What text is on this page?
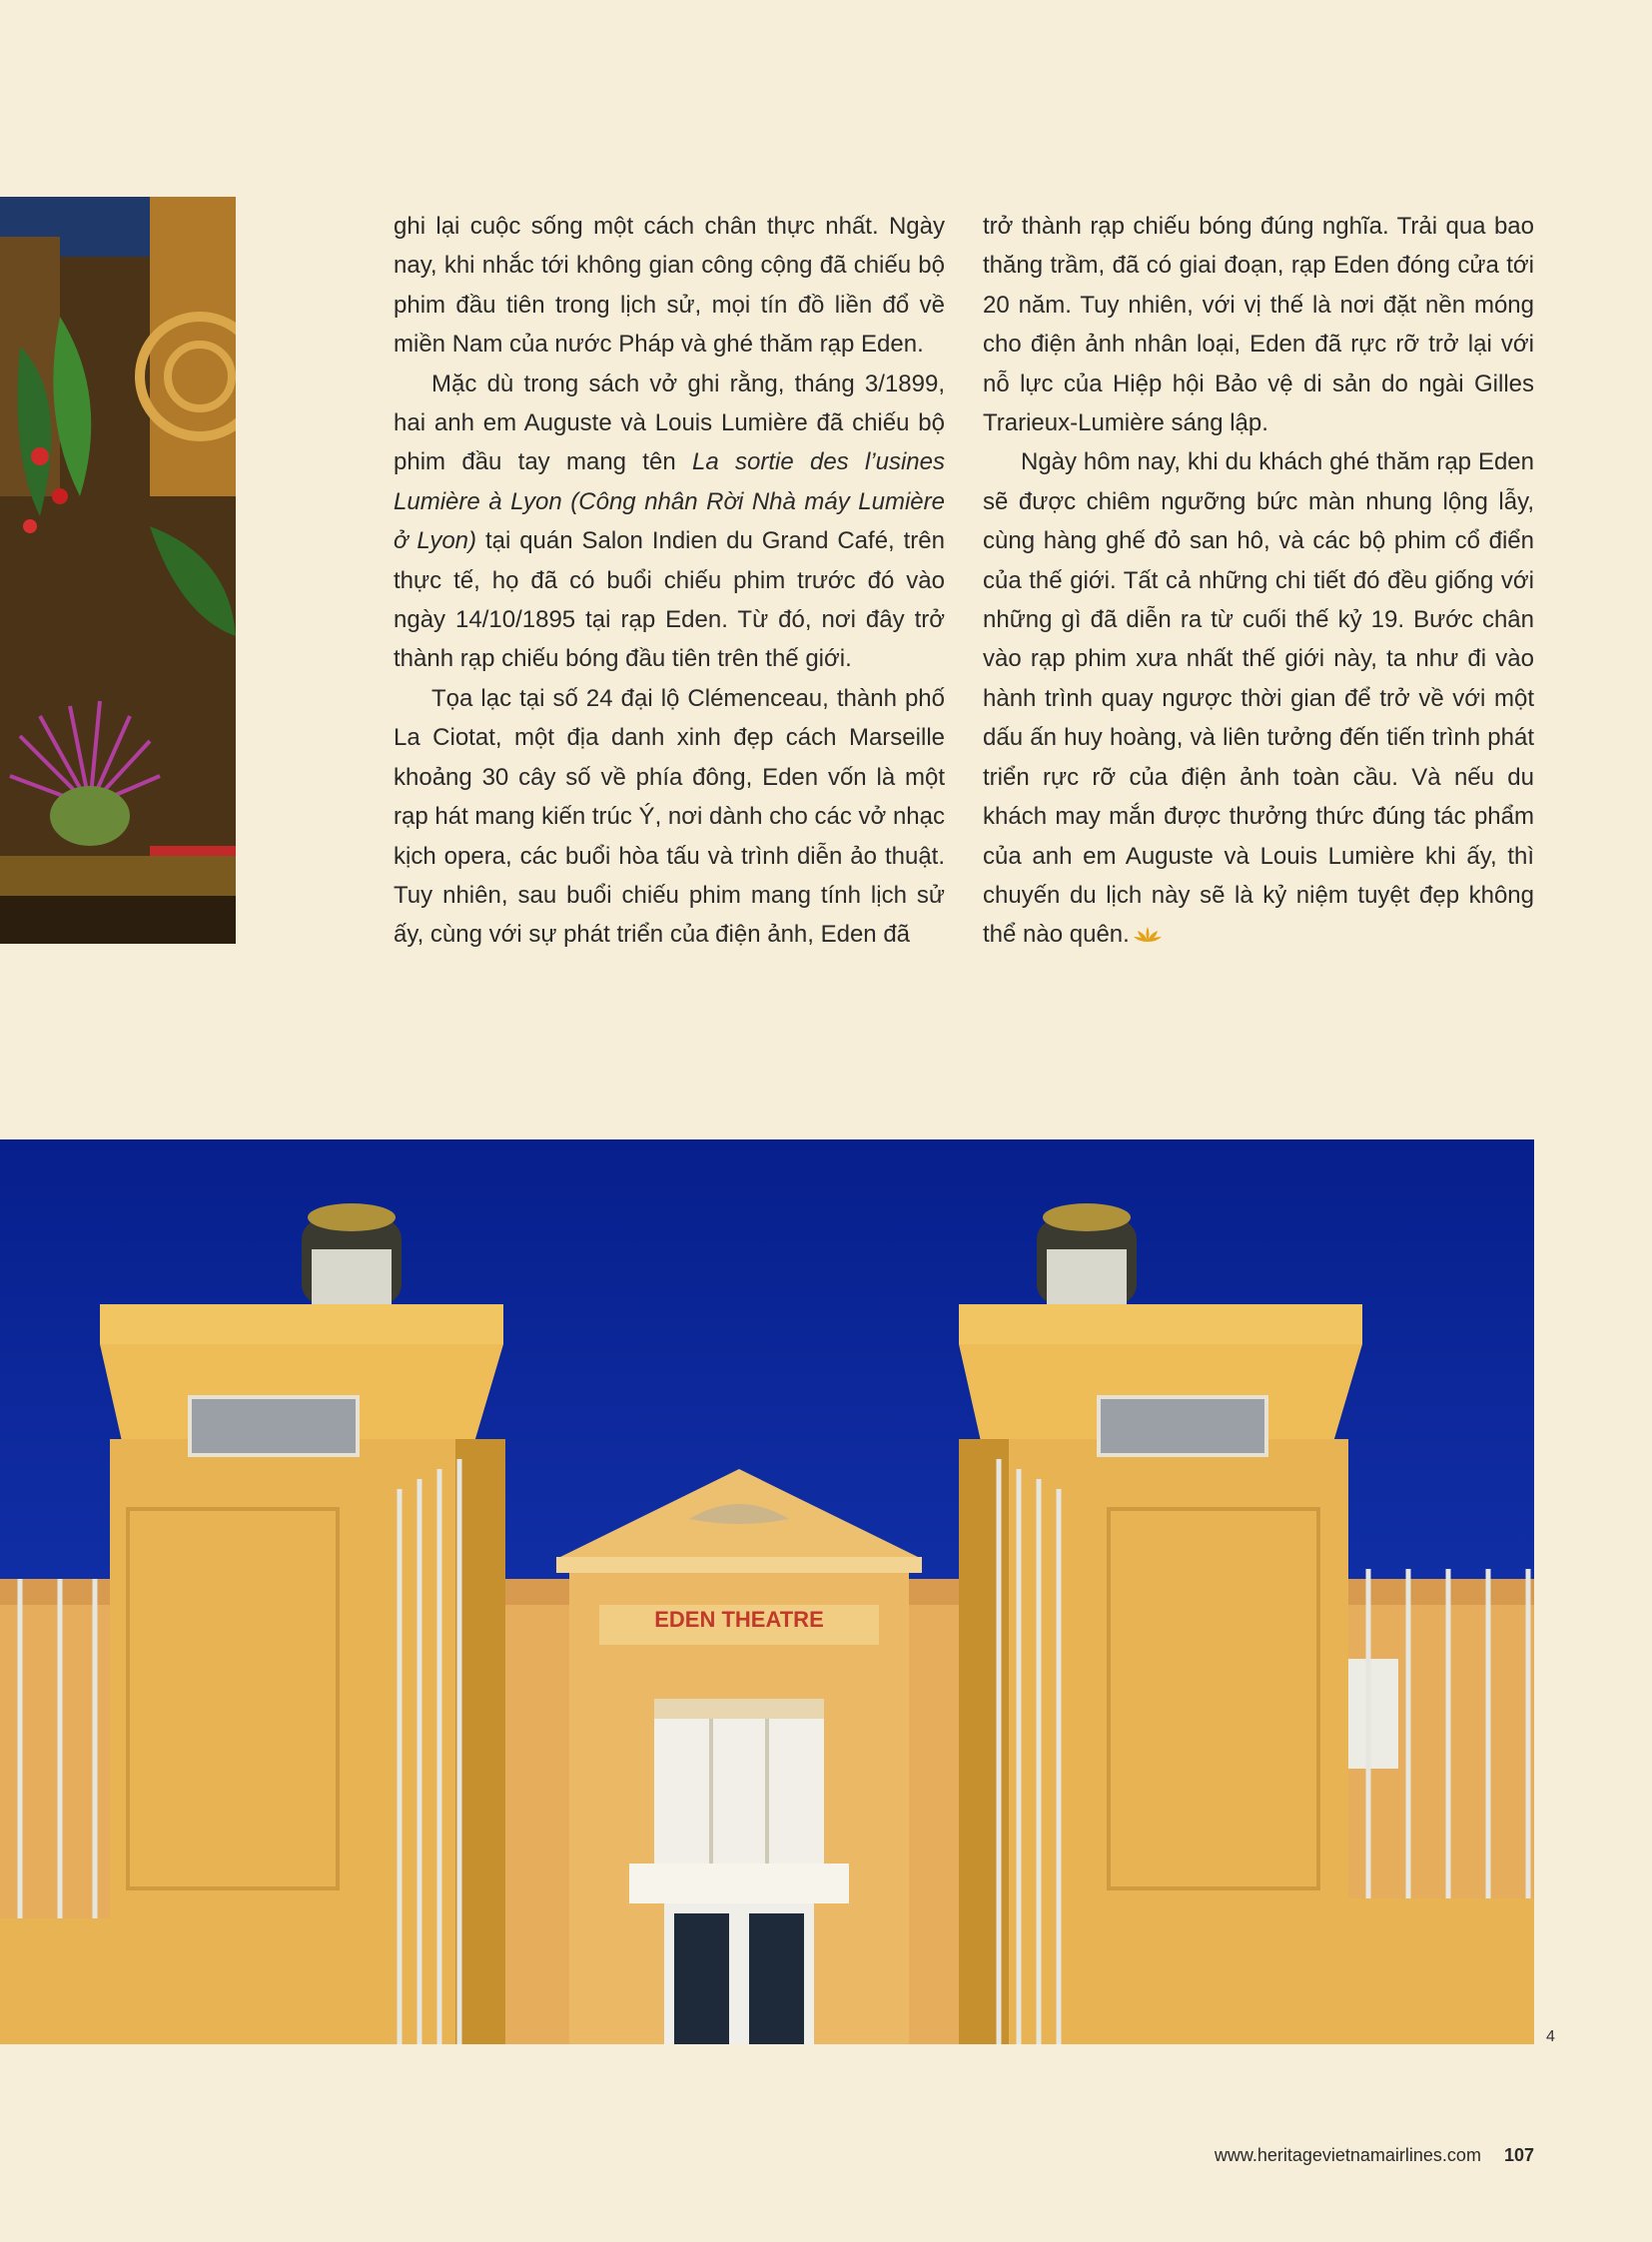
ghi lại cuộc sống một cách chân thực nhất. Ngày nay, khi nhắc tới không gian công cộng đã chiếu bộ phim đầu tiên trong lịch sử, mọi tín đồ liền đổ về miền Nam của nước Pháp và ghé thăm rạp Eden.

Mặc dù trong sách vở ghi rằng, tháng 3/1899, hai anh em Auguste và Louis Lumière đã chiếu bộ phim đầu tay mang tên La sortie des l’usines Lumière à Lyon (Công nhân Rời Nhà máy Lumière ở Lyon) tại quán Salon Indien du Grand Café, trên thực tế, họ đã có buổi chiếu phim trước đó vào ngày 14/10/1895 tại rạp Eden. Từ đó, nơi đây trở thành rạp chiếu bóng đầu tiên trên thế giới.

Tọa lạc tại số 24 đại lộ Clémenceau, thành phố La Ciotat, một địa danh xinh đẹp cách Marseille khoảng 30 cây số về phía đông, Eden vốn là một rạp hát mang kiến trúc Ý, nơi dành cho các vở nhạc kịch opera, các buổi hòa tấu và trình diễn ảo thuật. Tuy nhiên, sau buổi chiếu phim mang tính lịch sử ấy, cùng với sự phát triển của điện ảnh, Eden đã

trở thành rạp chiếu bóng đúng nghĩa. Trải qua bao thăng trầm, đã có giai đoạn, rạp Eden đóng cửa tới 20 năm. Tuy nhiên, với vị thế là nơi đặt nền móng cho điện ảnh nhân loại, Eden đã rực rỡ trở lại với nỗ lực của Hiệp hội Bảo vệ di sản do ngài Gilles Trarieux-Lumière sáng lập.

Ngày hôm nay, khi du khách ghé thăm rạp Eden sẽ được chiêm ngưỡng bức màn nhung lộng lẫy, cùng hàng ghế đỏ san hô, và các bộ phim cổ điển của thế giới. Tất cả những chi tiết đó đều giống với những gì đã diễn ra từ cuối thế kỷ 19. Bước chân vào rạp phim xưa nhất thế giới này, ta như đi vào hành trình quay ngược thời gian để trở về với một dấu ấn huy hoàng, và liên tưởng đến tiến trình phát triển rực rỡ của điện ảnh toàn cầu. Và nếu du khách may mắn được thưởng thức đúng tác phẩm của anh em Auguste và Louis Lumière khi ấy, thì chuyến du lịch này sẽ là kỷ niệm tuyệt đẹp không thể nào quên.

EDEN THEATRE
4
www.heritagevietnamairlines.com 107
